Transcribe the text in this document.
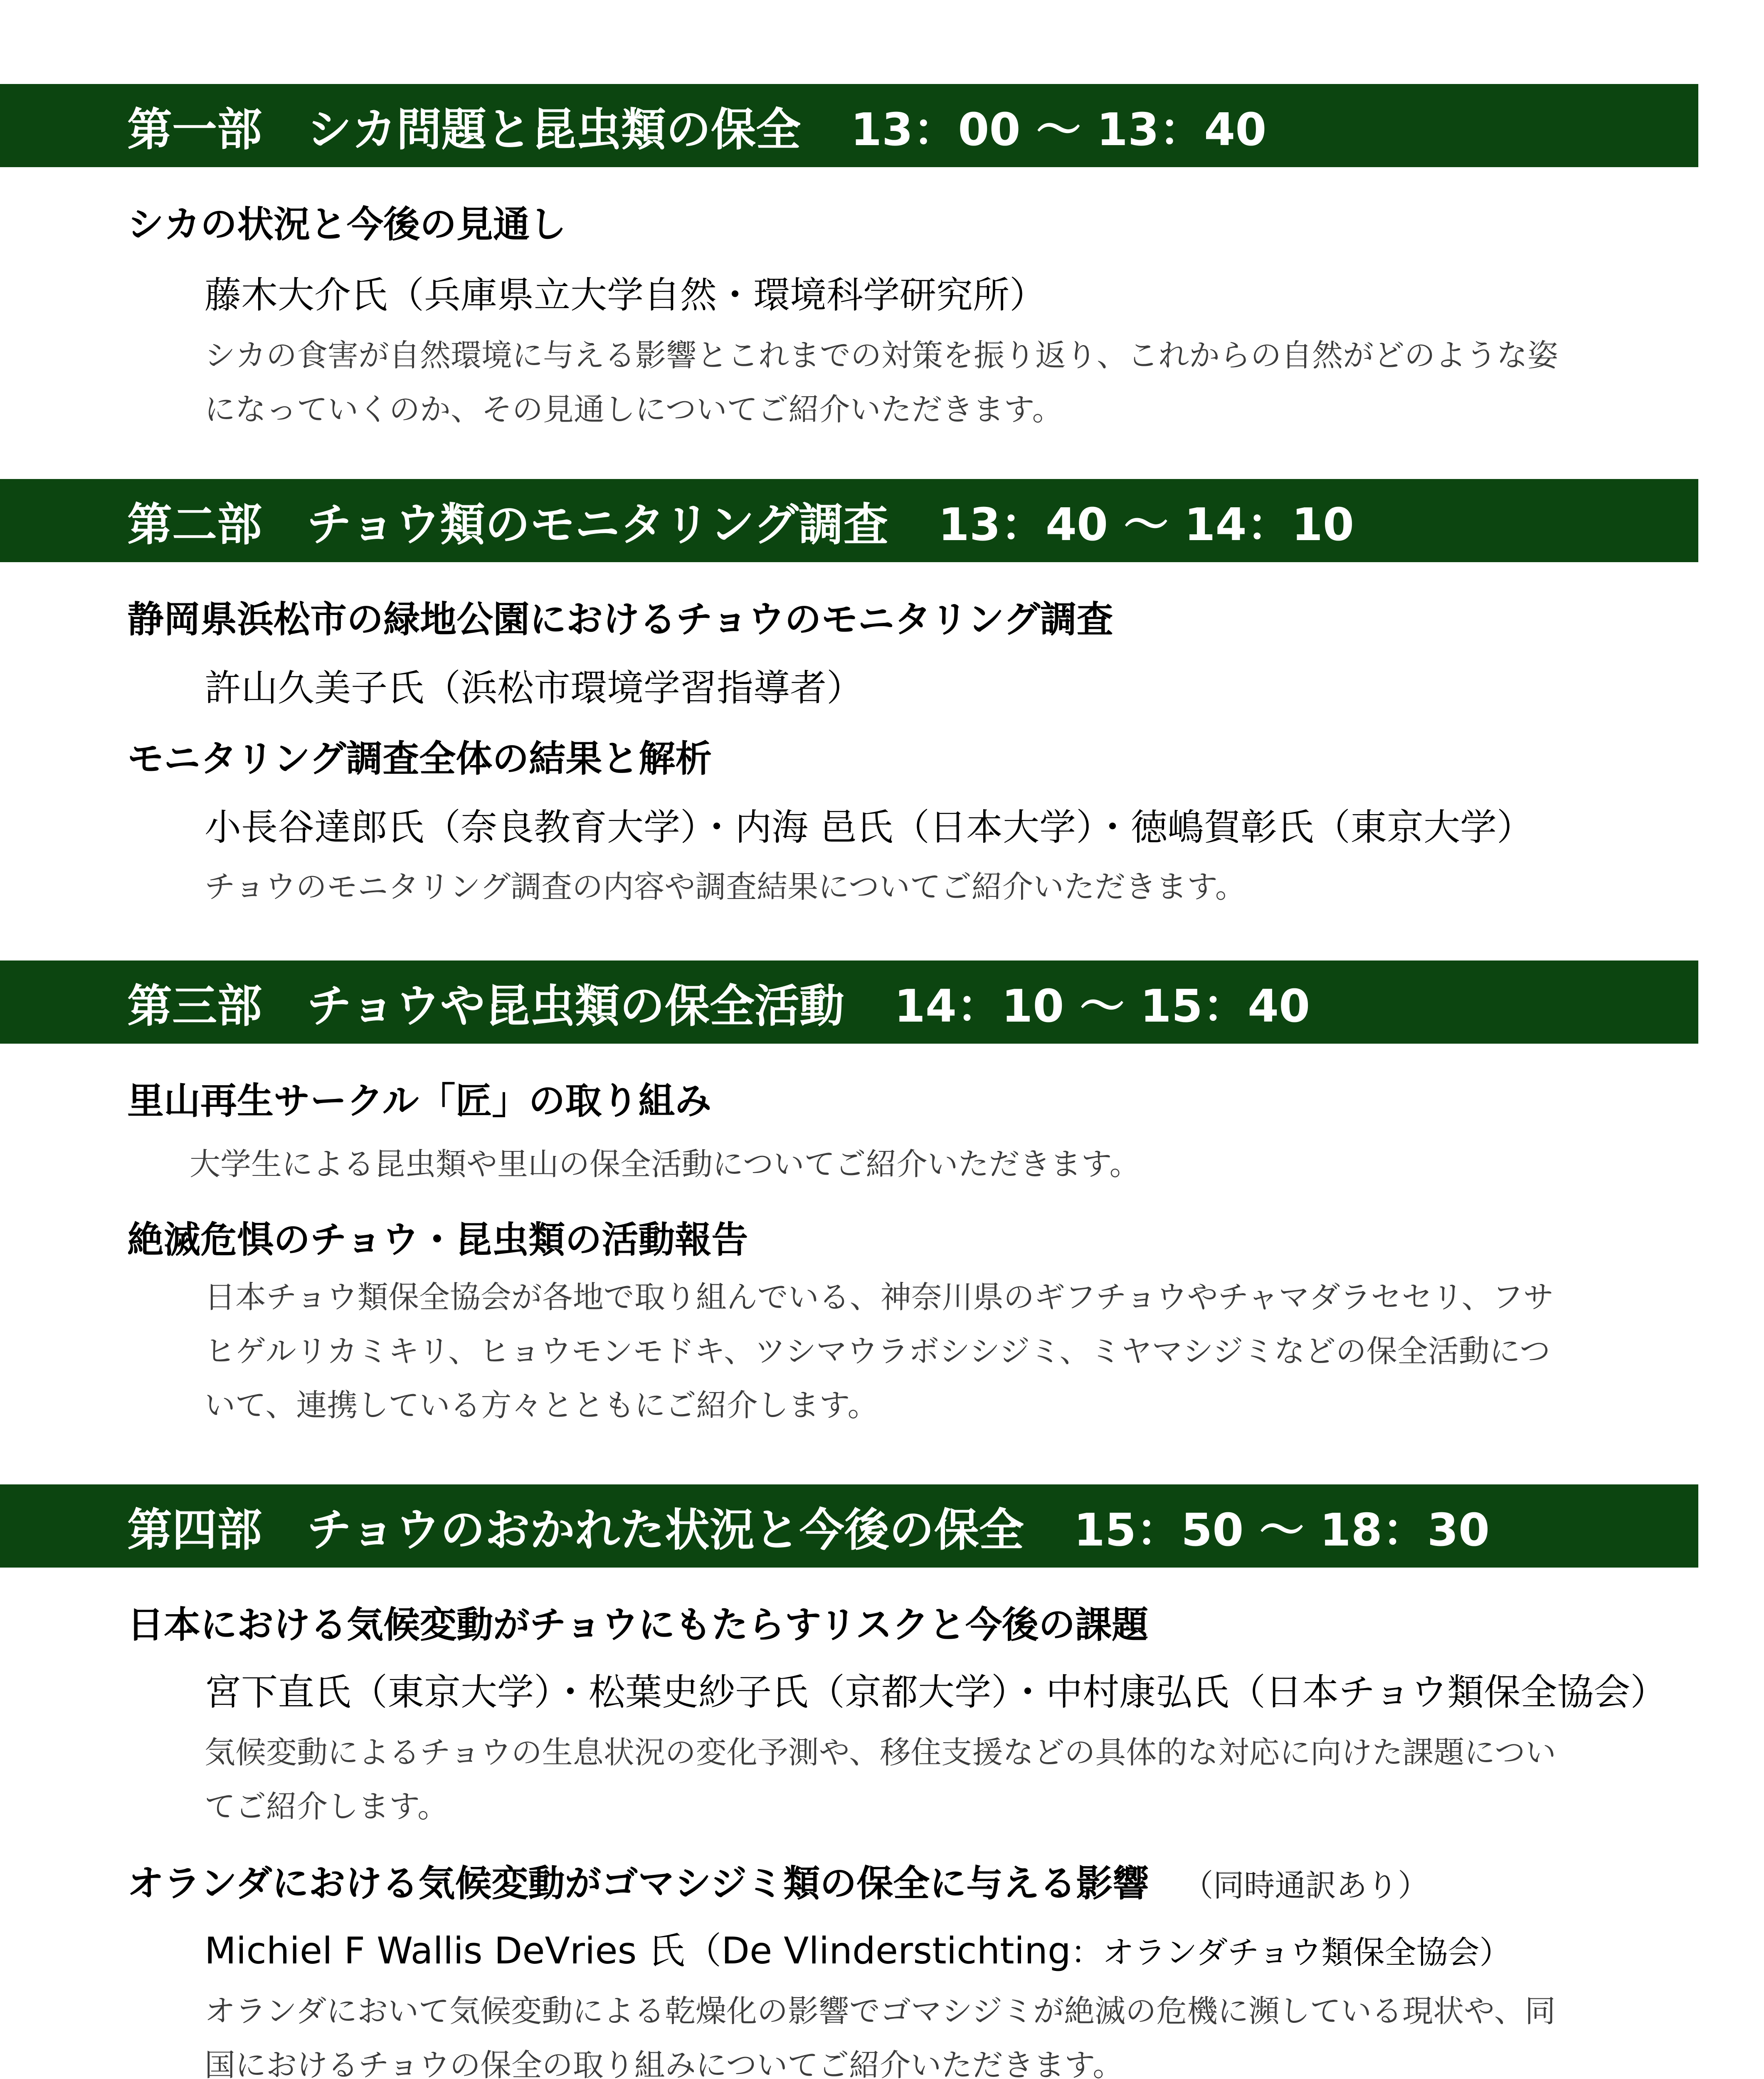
第一部　シカ問題と昆虫類の保全 13：00 〜 13：40
シカの状況と今後の見通し
藤木大介氏（兵庫県立大学自然・環境科学研究所）
シカの食害が自然環境に与える影響とこれまでの対策を振り返り、これからの自然がどのような姿
になっていくのか、その見通しについてご紹介いただきます。
第二部　チョウ類のモニタリング調査 13：40 〜 14：10
静岡県浜松市の緑地公園におけるチョウのモニタリング調査
許山久美子氏（浜松市環境学習指導者）
モニタリング調査全体の結果と解析
小長谷達郎氏（奈良教育大学）・内海 邑氏（日本大学）・徳嶋賀彰氏（東京大学）
チョウのモニタリング調査の内容や調査結果についてご紹介いただきます。
第三部　チョウや昆虫類の保全活動 14：10 〜 15：40
里山再生サークル「匠」の取り組み
大学生による昆虫類や里山の保全活動についてご紹介いただきます。
絶滅危惧のチョウ・昆虫類の活動報告
日本チョウ類保全協会が各地で取り組んでいる、神奈川県のギフチョウやチャマダラセセリ、フサ
ヒゲルリカミキリ、ヒョウモンモドキ、ツシマウラボシシジミ、ミヤマシジミなどの保全活動につ
いて、連携している方々とともにご紹介します。
第四部　チョウのおかれた状況と今後の保全 15：50 〜 18：30
日本における気候変動がチョウにもたらすリスクと今後の課題
宮下直氏（東京大学）・松葉史紗子氏（京都大学）・中村康弘氏（日本チョウ類保全協会）
気候変動によるチョウの生息状況の変化予測や、移住支援などの具体的な対応に向けた課題につい
てご紹介します。
オランダにおける気候変動がゴマシジミ類の保全に与える影響 （同時通訳あり）
Michiel F Wallis DeVries 氏（De Vlinderstichting：オランダチョウ類保全協会）
オランダにおいて気候変動による乾燥化の影響でゴマシジミが絶滅の危機に瀕している現状や、同
国におけるチョウの保全の取り組みについてご紹介いただきます。
